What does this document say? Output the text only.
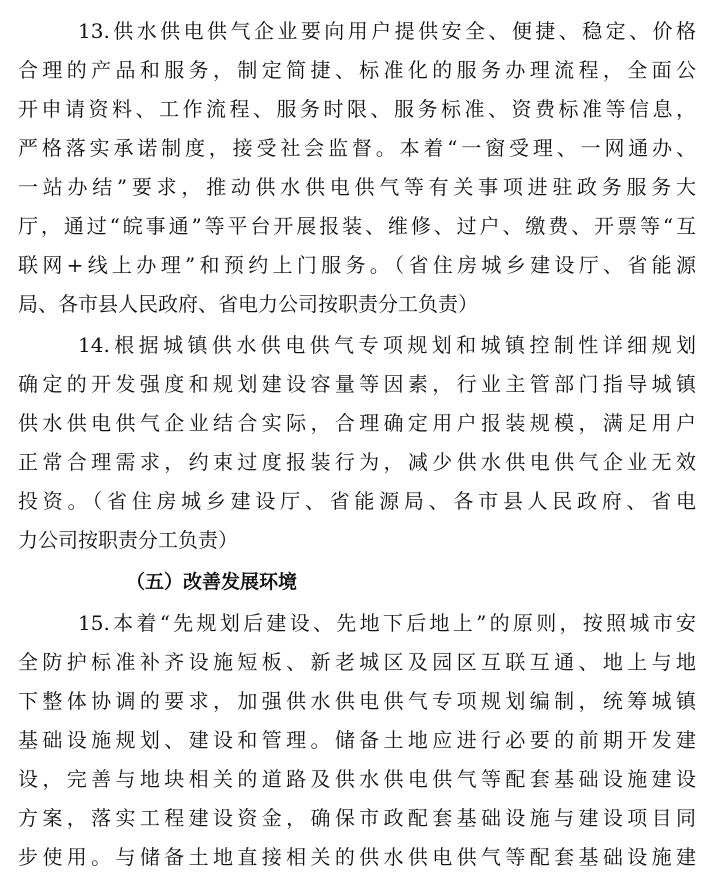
13.供水供电供气企业要向用户提供安全、便捷、稳定、价格
合理的产品和服务，制定简捷、标准化的服务办理流程，全面公
开申请资料、工作流程、服务时限、服务标准、资费标准等信息，
严格落实承诺制度，接受社会监督。本着“一窗受理、一网通办、
一站办结”要求，推动供水供电供气等有关事项进驻政务服务大
厅，通过“皖事通”等平台开展报装、维修、过户、缴费、开票等“互
联网+线上办理”和预约上门服务。（省住房城乡建设厅、省能源
局、各市县人民政府、省电力公司按职责分工负责）
14.根据城镇供水供电供气专项规划和城镇控制性详细规划
确定的开发强度和规划建设容量等因素，行业主管部门指导城镇
供水供电供气企业结合实际，合理确定用户报装规模，满足用户
正常合理需求，约束过度报装行为，减少供水供电供气企业无效
投资。（省住房城乡建设厅、省能源局、各市县人民政府、省电
力公司按职责分工负责）
（五）改善发展环境
15.本着“先规划后建设、先地下后地上”的原则，按照城市安
全防护标准补齐设施短板、新老城区及园区互联互通、地上与地
下整体协调的要求，加强供水供电供气专项规划编制，统筹城镇
基础设施规划、建设和管理。储备土地应进行必要的前期开发建
设，完善与地块相关的道路及供水供电供气等配套基础设施建设
方案，落实工程建设资金，确保市政配套基础设施与建设项目同
步使用。与储备土地直接相关的供水供电供气等配套基础设施建
